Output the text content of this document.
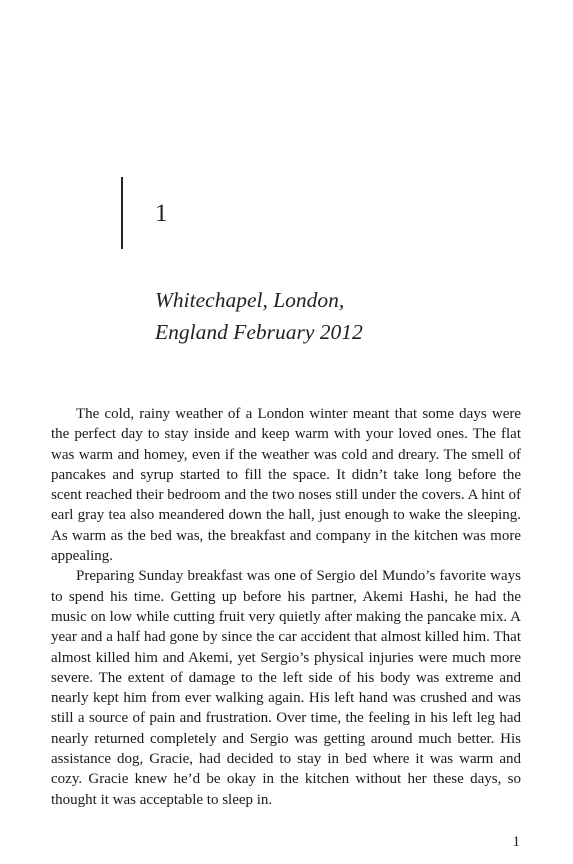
1
Whitechapel, London,
England February 2012

The cold, rainy weather of a London winter meant that some days were the perfect day to stay inside and keep warm with your loved ones. The flat was warm and homey, even if the weather was cold and dreary. The smell of pancakes and syrup started to fill the space. It didn’t take long before the scent reached their bedroom and the two noses still under the covers. A hint of earl gray tea also meandered down the hall, just enough to wake the sleeping. As warm as the bed was, the breakfast and company in the kitchen was more appealing.

Preparing Sunday breakfast was one of Sergio del Mundo’s favorite ways to spend his time. Getting up before his partner, Akemi Hashi, he had the music on low while cutting fruit very quietly after making the pancake mix. A year and a half had gone by since the car accident that almost killed him. That almost killed him and Akemi, yet Sergio’s physical injuries were much more severe. The extent of damage to the left side of his body was extreme and nearly kept him from ever walking again. His left hand was crushed and was still a source of pain and frustration. Over time, the feeling in his left leg had nearly returned completely and Sergio was getting around much better. His assistance dog, Gracie, had decided to stay in bed where it was warm and cozy. Gracie knew he’d be okay in the kitchen without her these days, so thought it was acceptable to sleep in.

1
